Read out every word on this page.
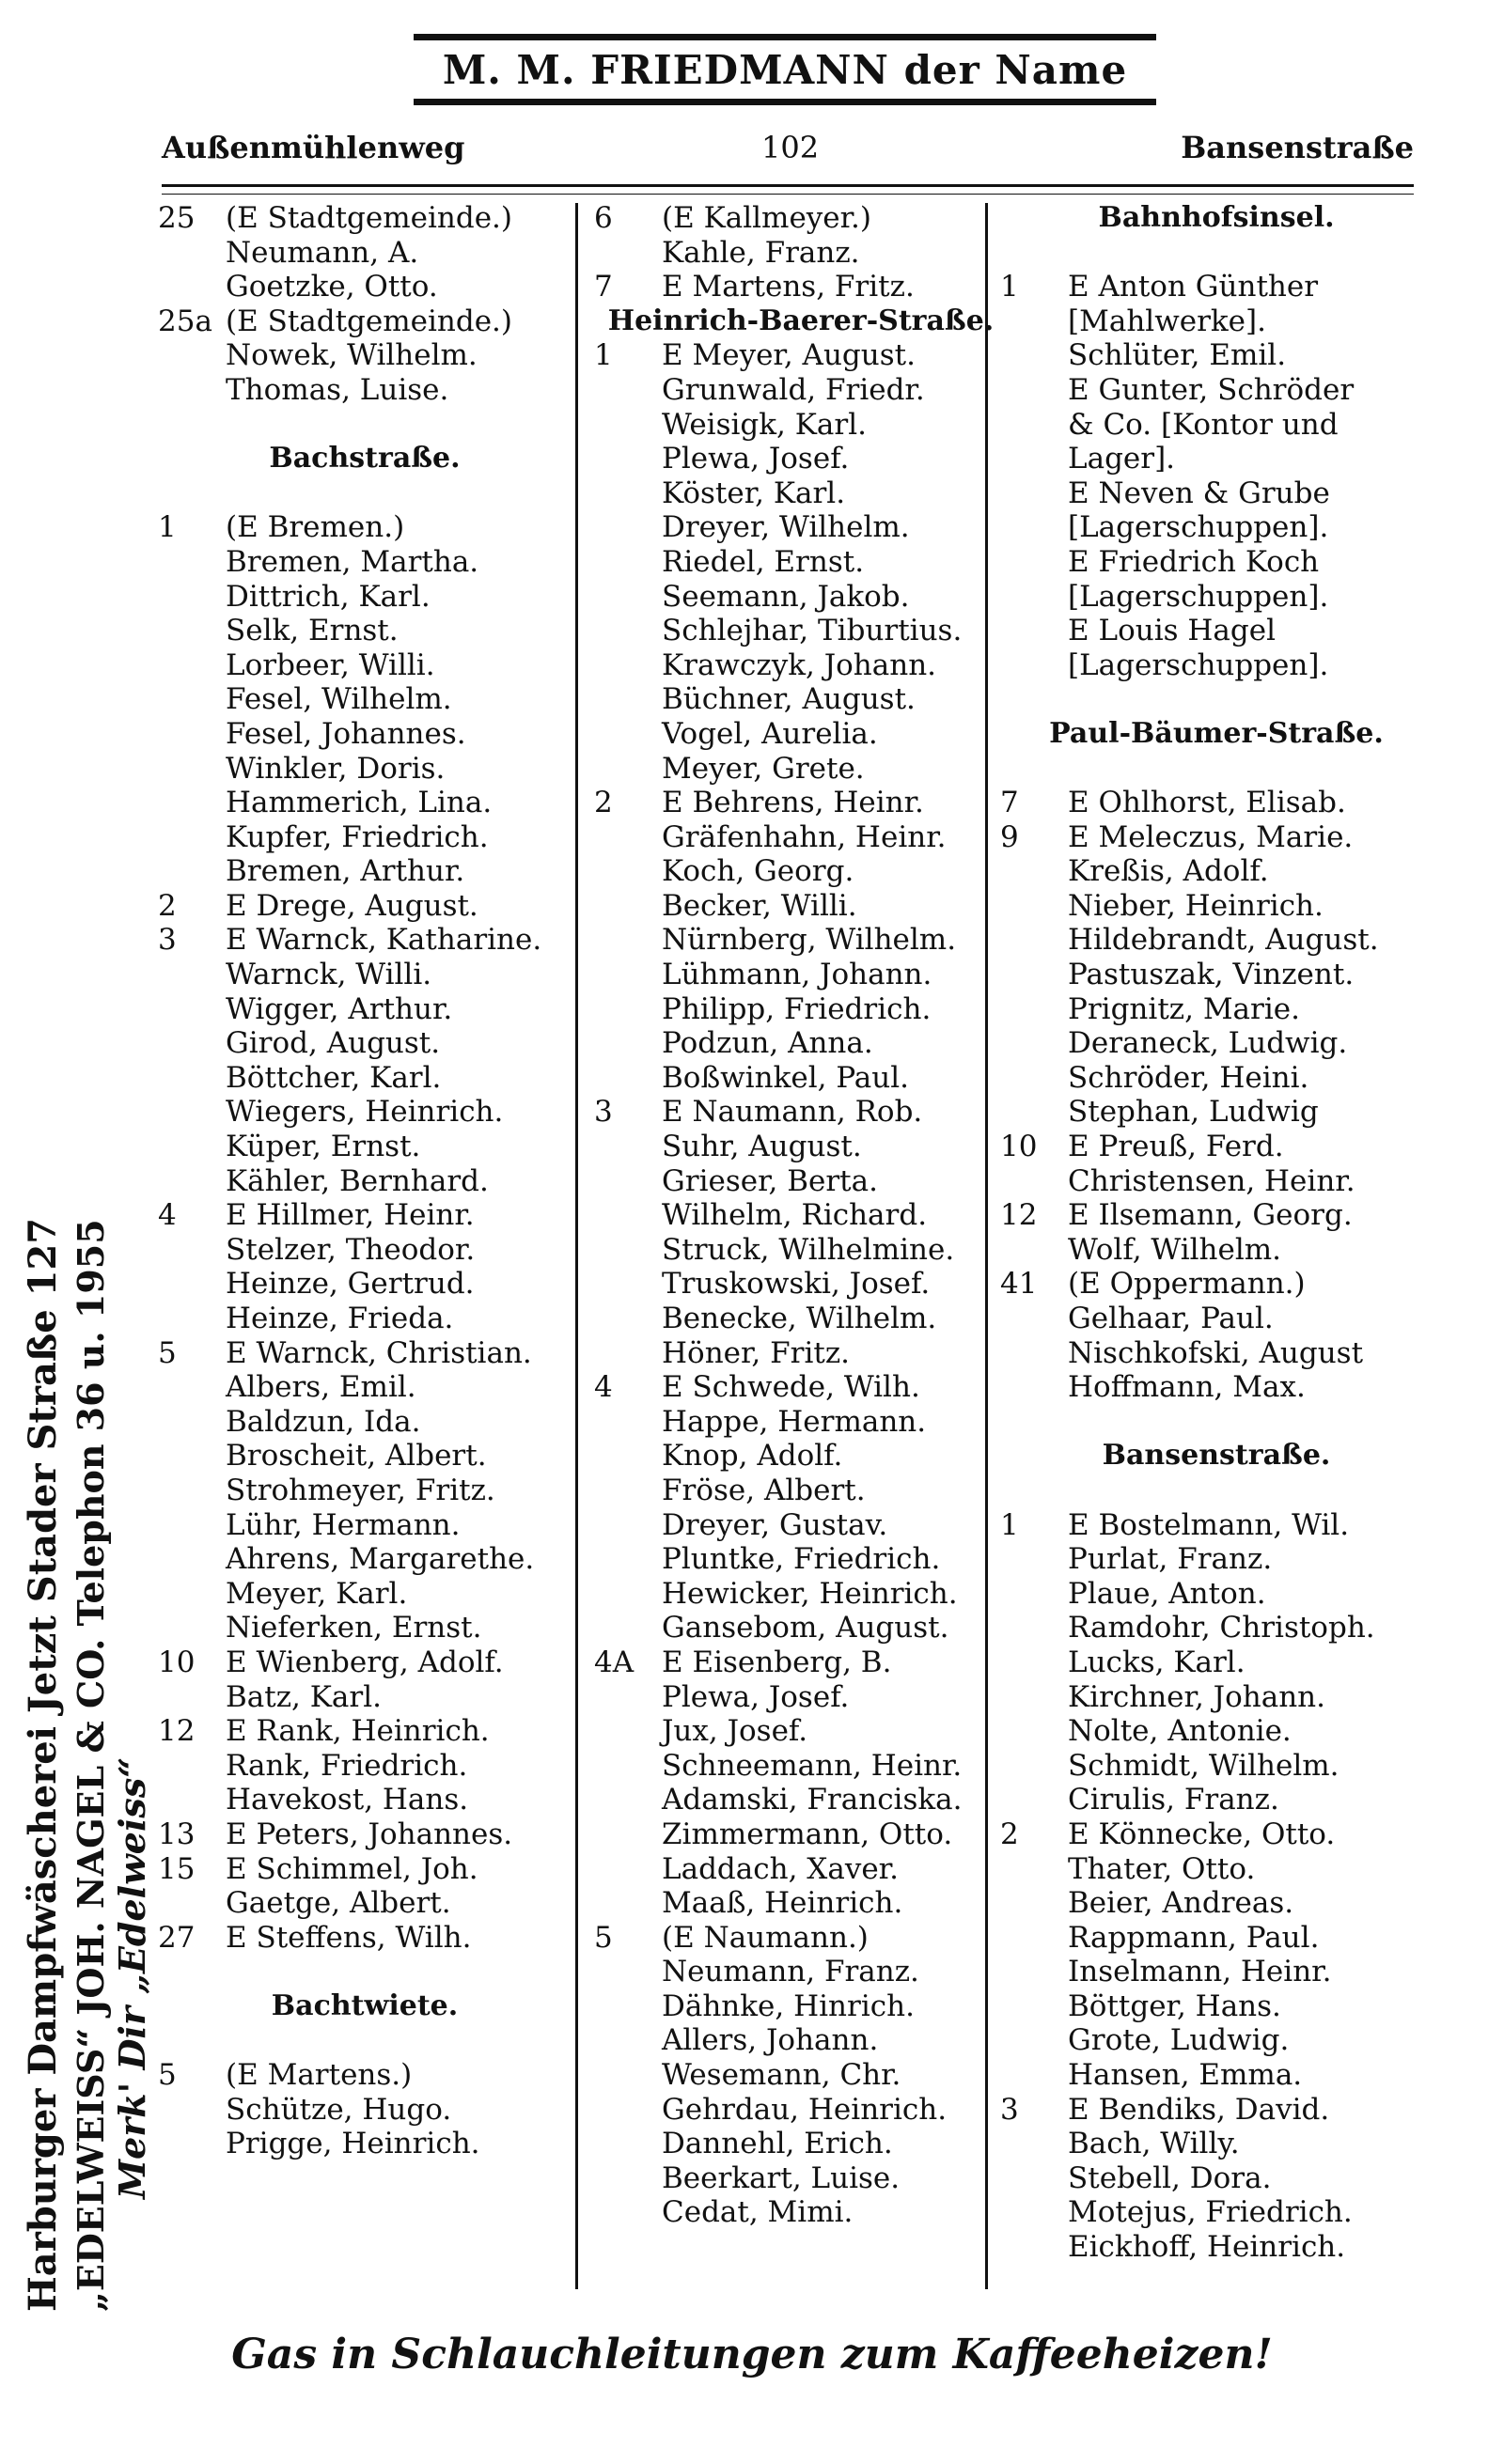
M. M. FRIEDMANN der Name
Außenmühlenweg	102	Bansenstraße
Harburger Dampfwäscherei Jetzt Stader Straße 127 „EDELWEISS“ JOH. NAGEL & CO. Telephon 36 u. 1955 Merk' Dir „Edelweiss“
25	(E Stadtgemeinde.)
Neumann, A.
Goetzke, Otto.
25a (E Stadtgemeinde.)
Nowek, Wilhelm.
Thomas, Luise.
Bachstraße.
1	(E Bremen.)
Bremen, Martha.
Dittrich, Karl.
Selk, Ernst.
Lorbeer, Willi.
Fesel, Wilhelm.
Fesel, Johannes.
Winkler, Doris.
Hammerich, Lina.
Kupfer, Friedrich.
Bremen, Arthur.
2	E Drege, August.
3	E Warnck, Katharine.
Warnck, Willi.
Wigger, Arthur.
Girod, August.
Böttcher, Karl.
Wiegers, Heinrich.
Küper, Ernst.
Kähler, Bernhard.
4	E Hillmer, Heinr.
Stelzer, Theodor.
Heinze, Gertrud.
Heinze, Frieda.
5	E Warnck, Christian.
Albers, Emil.
Baldzun, Ida.
Broscheit, Albert.
Strohmeyer, Fritz.
Lühr, Hermann.
Ahrens, Margarethe.
Meyer, Karl.
Nieferken, Ernst.
10	E Wienberg, Adolf.
Batz, Karl.
12	E Rank, Heinrich.
Rank, Friedrich.
Havekost, Hans.
13	E Peters, Johannes.
15	E Schimmel, Joh.
Gaetge, Albert.
27	E Steffens, Wilh.
Bachtwiete.
5	(E Martens.)
Schütze, Hugo.
Prigge, Heinrich.
6	(E Kallmeyer.)
Kahle, Franz.
7	E Martens, Fritz.
Heinrich-Baerer-Straße.
1	E Meyer, August.
Grunwald, Friedr.
Weisigk, Karl.
Plewa, Josef.
Köster, Karl.
Dreyer, Wilhelm.
Riedel, Ernst.
Seemann, Jakob.
Schlejhar, Tiburtius.
Krawczyk, Johann.
Büchner, August.
Vogel, Aurelia.
Meyer, Grete.
2	E Behrens, Heinr.
Gräfenhahn, Heinr.
Koch, Georg.
Becker, Willi.
Nürnberg, Wilhelm.
Lühmann, Johann.
Philipp, Friedrich.
Podzun, Anna.
Boßwinkel, Paul.
3	E Naumann, Rob.
Suhr, August.
Grieser, Berta.
Wilhelm, Richard.
Struck, Wilhelmine.
Truskowski, Josef.
Benecke, Wilhelm.
Höner, Fritz.
4	E Schwede, Wilh.
Happe, Hermann.
Knop, Adolf.
Fröse, Albert.
Dreyer, Gustav.
Pluntke, Friedrich.
Hewicker, Heinrich.
Gansebom, August.
4A E Eisenberg, B.
Plewa, Josef.
Jux, Josef.
Schneemann, Heinr.
Adamski, Franciska.
Zimmermann, Otto.
Laddach, Xaver.
Maaß, Heinrich.
5	(E Naumann.)
Neumann, Franz.
Dähnke, Hinrich.
Allers, Johann.
Wesemann, Chr.
Gehrdau, Heinrich.
Dannehl, Erich.
Beerkart, Luise.
Cedat, Mimi.
Bahnhofsinsel.
1	E Anton Günther
[Mahlwerke].
Schlüter, Emil.
E Gunter, Schröder
& Co. [Kontor und
Lager].
E Neven & Grube
[Lagerschuppen].
E Friedrich Koch
[Lagerschuppen].
E Louis Hagel
[Lagerschuppen].
Paul-Bäumer-Straße.
7	E Ohlhorst, Elisab.
9	E Meleczus, Marie.
Kreßis, Adolf.
Nieber, Heinrich.
Hildebrandt, August.
Pastuszak, Vinzent.
Prignitz, Marie.
Deraneck, Ludwig.
Schröder, Heini.
Stephan, Ludwig
10	E Preuß, Ferd.
Christensen, Heinr.
12	E Ilsemann, Georg.
Wolf, Wilhelm.
41	(E Oppermann.)
Gelhaar, Paul.
Nischkofski, August
Hoffmann, Max.
Bansenstraße.
1	E Bostelmann, Wil.
Purlat, Franz.
Plaue, Anton.
Ramdohr, Christoph.
Lucks, Karl.
Kirchner, Johann.
Nolte, Antonie.
Schmidt, Wilhelm.
Cirulis, Franz.
2	E Könnecke, Otto.
Thater, Otto.
Beier, Andreas.
Rappmann, Paul.
Inselmann, Heinr.
Böttger, Hans.
Grote, Ludwig.
Hansen, Emma.
3	E Bendiks, David.
Bach, Willy.
Stebell, Dora.
Motejus, Friedrich.
Eickhoff, Heinrich.
Gas in Schlauchleitungen zum Kaffeeheizen!
